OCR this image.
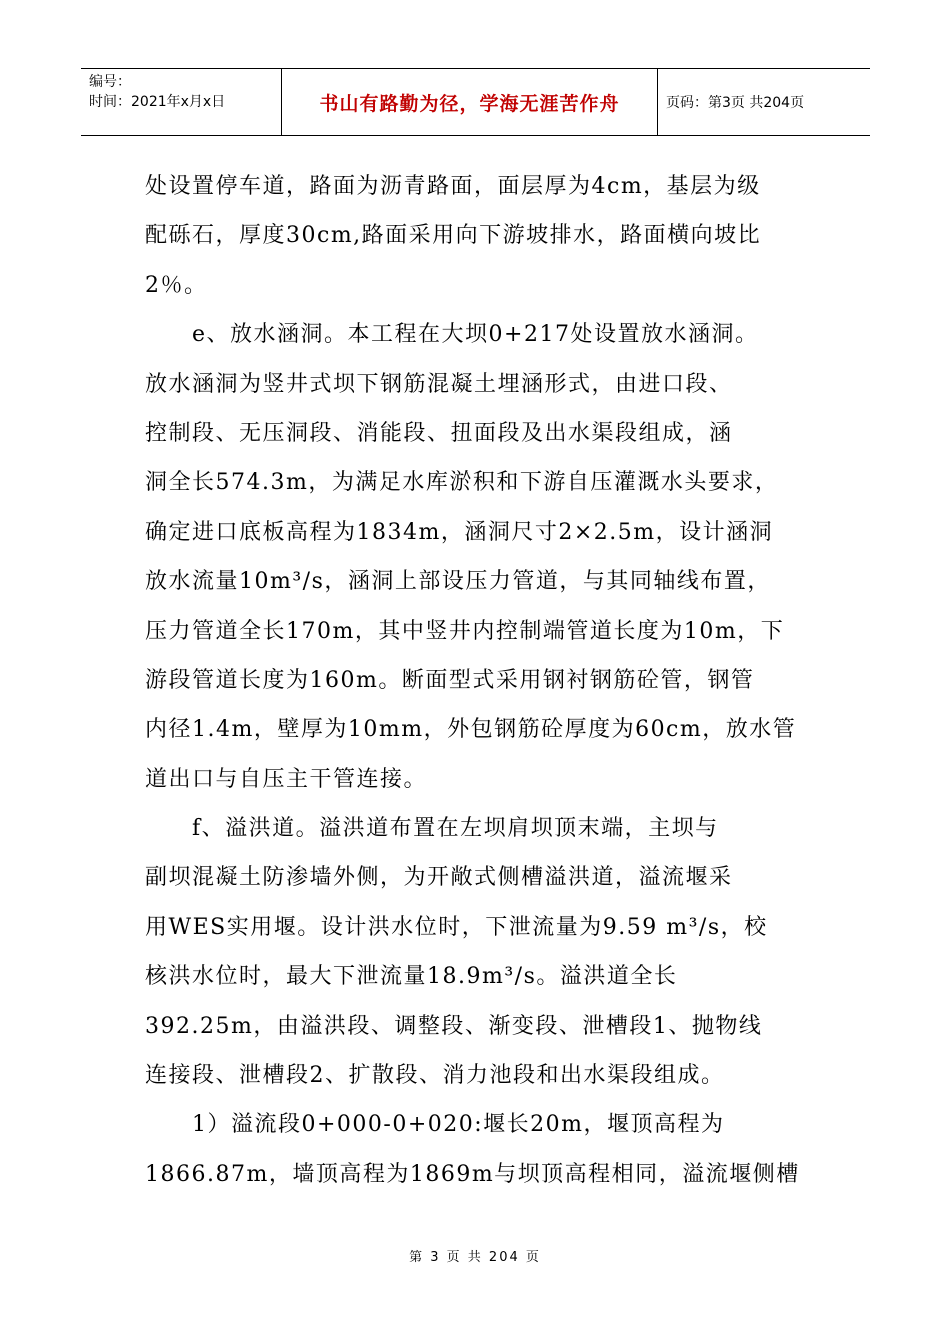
编号：
时间：2021年x月x日	书山有路勤为径，学海无涯苦作舟	页码：第3页 共204页
处设置停车道，路面为沥青路面，面层厚为4cm，基层为级
配砾石，厚度30cm,路面采用向下游坡排水，路面横向坡比
2％。
　　e、放水涵洞。本工程在大坝0+217处设置放水涵洞。
放水涵洞为竖井式坝下钢筋混凝土埋涵形式，由进口段、
控制段、无压洞段、消能段、扭面段及出水渠段组成，涵
洞全长574.3m，为满足水库淤积和下游自压灌溉水头要求，
确定进口底板高程为1834m，涵洞尺寸2×2.5m，设计涵洞
放水流量10m³/s，涵洞上部设压力管道，与其同轴线布置，
压力管道全长170m，其中竖井内控制端管道长度为10m，下
游段管道长度为160m。断面型式采用钢衬钢筋砼管，钢管
内径1.4m，壁厚为10mm，外包钢筋砼厚度为60cm，放水管
道出口与自压主干管连接。
　　f、溢洪道。溢洪道布置在左坝肩坝顶末端，主坝与
副坝混凝土防渗墙外侧，为开敞式侧槽溢洪道，溢流堰采
用WES实用堰。设计洪水位时，下泄流量为9.59 m³/s，校
核洪水位时，最大下泄流量18.9m³/s。溢洪道全长
392.25m，由溢洪段、调整段、渐变段、泄槽段1、抛物线
连接段、泄槽段2、扩散段、消力池段和出水渠段组成。
　　1）溢流段0+000-0+020:堰长20m，堰顶高程为
1866.87m，墙顶高程为1869m与坝顶高程相同，溢流堰侧槽
第 3 页 共 204 页
